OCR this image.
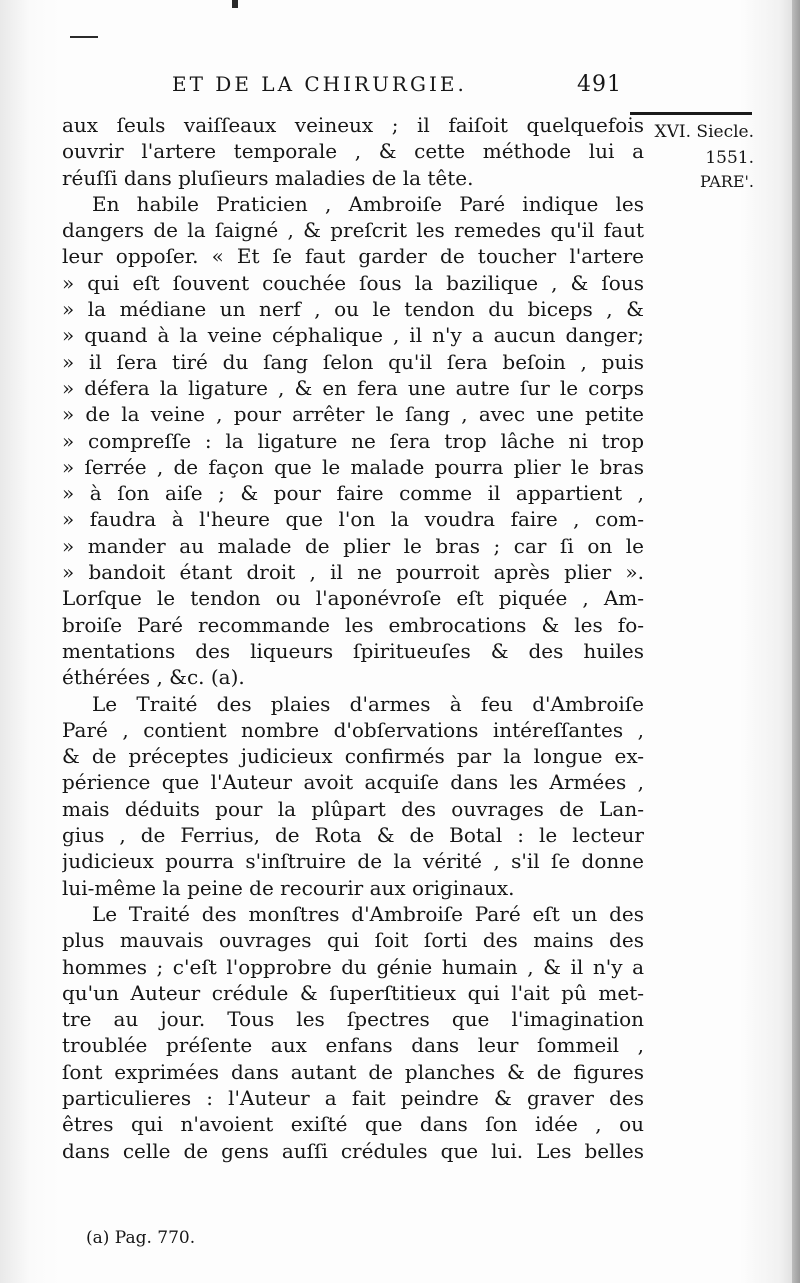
ET DE LA CHIRURGIE.	491
XVI. Siecle.
1551.
PARE'.
aux ſeuls vaiſſeaux veineux ; il faiſoit quelquefois
ouvrir l'artere temporale , & cette méthode lui a
réuſſi dans pluſieurs maladies de la tête.
En habile Praticien , Ambroiſe Paré indique les
dangers de la ſaigné , & preſcrit les remedes qu'il faut
leur oppoſer. « Et ſe faut garder de toucher l'artere
» qui eſt ſouvent couchée ſous la bazilique , & ſous
» la médiane un nerf , ou le tendon du biceps , &
» quand à la veine céphalique , il n'y a aucun danger;
» il ſera tiré du ſang ſelon qu'il ſera beſoin , puis
» défera la ligature , & en fera une autre ſur le corps
» de la veine , pour arrêter le ſang , avec une petite
» compreſſe : la ligature ne ſera trop lâche ni trop
» ſerrée , de façon que le malade pourra plier le bras
» à ſon aiſe ; & pour faire comme il appartient ,
» faudra à l'heure que l'on la voudra faire , com-
» mander au malade de plier le bras ; car ſi on le
» bandoit étant droit , il ne pourroit après plier ».
Lorſque le tendon ou l'aponévroſe eſt piquée , Am-
broiſe Paré recommande les embrocations & les fo-
mentations des liqueurs ſpiritueuſes & des huiles
éthérées , &c. (a).
Le Traité des plaies d'armes à feu d'Ambroiſe
Paré , contient nombre d'obſervations intéreſſantes ,
& de préceptes judicieux confirmés par la longue ex-
périence que l'Auteur avoit acquiſe dans les Armées ,
mais déduits pour la plûpart des ouvrages de Lan-
gius , de Ferrius, de Rota & de Botal : le lecteur
judicieux pourra s'inſtruire de la vérité , s'il ſe donne
lui-même la peine de recourir aux originaux.
Le Traité des monſtres d'Ambroiſe Paré eſt un des
plus mauvais ouvrages qui ſoit ſorti des mains des
hommes ; c'eſt l'opprobre du génie humain , & il n'y a
qu'un Auteur crédule & ſuperſtitieux qui l'ait pû met-
tre au jour. Tous les ſpectres que l'imagination
troublée préſente aux enfans dans leur ſommeil ,
ſont exprimées dans autant de planches & de figures
particulieres : l'Auteur a fait peindre & graver des
êtres qui n'avoient exiſté que dans ſon idée , ou
dans celle de gens auſſi crédules que lui. Les belles
(a) Pag. 770.
